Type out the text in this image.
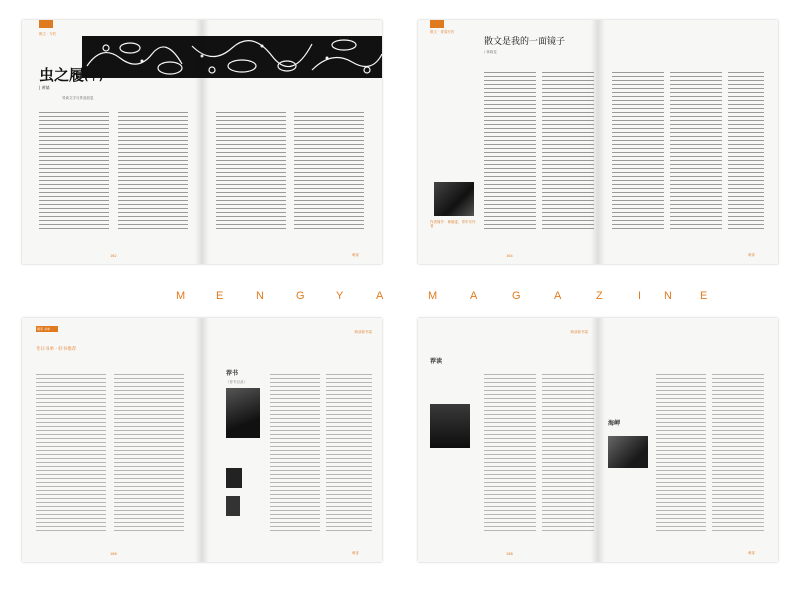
散文 · 专栏
虫之履(十)
| 黄嫱
导读文字与作品信息
162	萌芽
散文 · 青春写作
散文是我的一面镜子
/ 林晓雯
作者简介：林晓雯，青年写作者
164	萌芽
M	E	N	G	Y	A	M	A	G	A	Z	I N	E
萌芽·书单
冬日书单 · 好书推荐
166
萌芽新书架
荐书
《荐书目录》
萌芽
萌芽新书架
荐读
168
海岬
萌芽
